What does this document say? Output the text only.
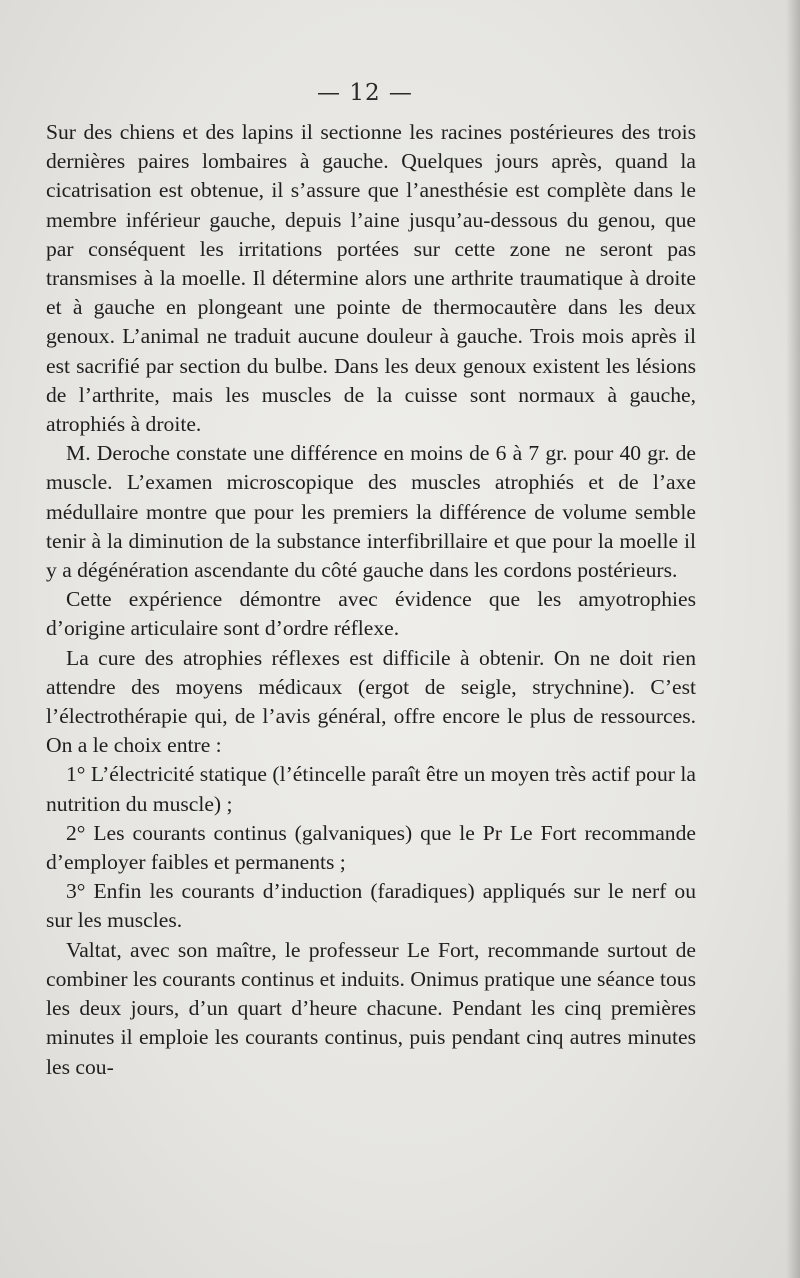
— 12 —

Sur des chiens et des lapins il sectionne les racines postérieures des trois dernières paires lombaires à gauche. Quelques jours après, quand la cicatrisation est obtenue, il s’assure que l’anesthésie est complète dans le membre inférieur gauche, depuis l’aine jusqu’au-dessous du genou, que par conséquent les irritations portées sur cette zone ne seront pas transmises à la moelle. Il détermine alors une arthrite traumatique à droite et à gauche en plongeant une pointe de thermocautère dans les deux genoux. L’animal ne traduit aucune douleur à gauche. Trois mois après il est sacrifié par section du bulbe. Dans les deux genoux existent les lésions de l’arthrite, mais les muscles de la cuisse sont normaux à gauche, atrophiés à droite.

M. Deroche constate une différence en moins de 6 à 7 gr. pour 40 gr. de muscle. L’examen microscopique des muscles atrophiés et de l’axe médullaire montre que pour les premiers la différence de volume semble tenir à la diminution de la substance interfibrillaire et que pour la moelle il y a dégénération ascendante du côté gauche dans les cordons postérieurs.

Cette expérience démontre avec évidence que les amyotrophies d’origine articulaire sont d’ordre réflexe.

La cure des atrophies réflexes est difficile à obtenir. On ne doit rien attendre des moyens médicaux (ergot de seigle, strychnine). C’est l’électrothérapie qui, de l’avis général, offre encore le plus de ressources. On a le choix entre :

1° L’électricité statique (l’étincelle paraît être un moyen très actif pour la nutrition du muscle) ;

2° Les courants continus (galvaniques) que le Pr Le Fort recommande d’employer faibles et permanents ;

3° Enfin les courants d’induction (faradiques) appliqués sur le nerf ou sur les muscles.

Valtat, avec son maître, le professeur Le Fort, recommande surtout de combiner les courants continus et induits. Onimus pratique une séance tous les deux jours, d’un quart d’heure chacune. Pendant les cinq premières minutes il emploie les courants continus, puis pendant cinq autres minutes les cou-
